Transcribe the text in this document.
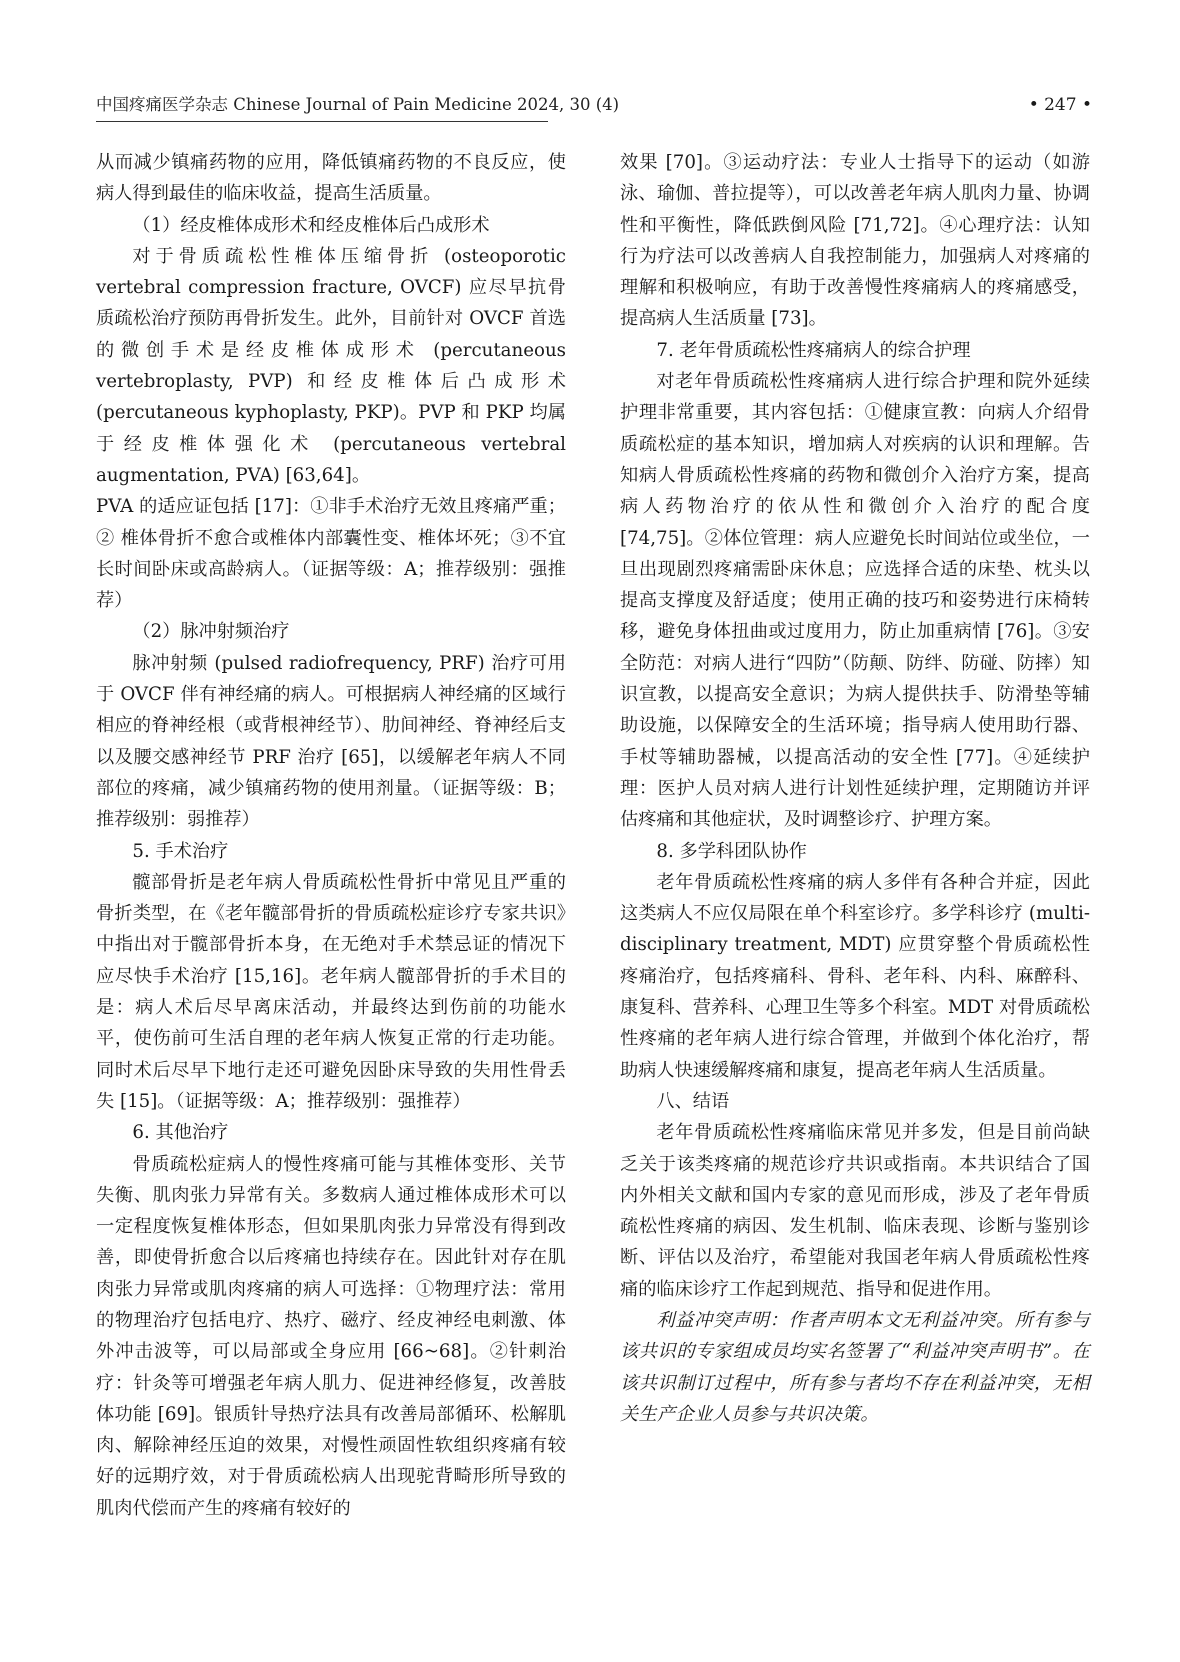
中国疼痛医学杂志 Chinese Journal of Pain Medicine 2024, 30 (4)	• 247 •

从而减少镇痛药物的应用，降低镇痛药物的不良反应，使病人得到最佳的临床收益，提高生活质量。

（1）经皮椎体成形术和经皮椎体后凸成形术

对于骨质疏松性椎体压缩骨折 (osteoporotic vertebral compression fracture, OVCF) 应尽早抗骨质疏松治疗预防再骨折发生。此外，目前针对 OVCF 首选的微创手术是经皮椎体成形术 (percutaneous vertebroplasty, PVP) 和经皮椎体后凸成形术 (percutaneous kyphoplasty, PKP)。PVP 和 PKP 均属于经皮椎体强化术 (percutaneous vertebral augmentation, PVA) [63,64]。

PVA 的适应证包括 [17]：①非手术治疗无效且疼痛严重；② 椎体骨折不愈合或椎体内部囊性变、椎体坏死；③不宜长时间卧床或高龄病人。（证据等级：A；推荐级别：强推荐）

（2）脉冲射频治疗

脉冲射频 (pulsed radiofrequency, PRF) 治疗可用于 OVCF 伴有神经痛的病人。可根据病人神经痛的区域行相应的脊神经根（或背根神经节）、肋间神经、脊神经后支以及腰交感神经节 PRF 治疗 [65]，以缓解老年病人不同部位的疼痛，减少镇痛药物的使用剂量。（证据等级：B；推荐级别：弱推荐）

5. 手术治疗

髋部骨折是老年病人骨质疏松性骨折中常见且严重的骨折类型，在《老年髋部骨折的骨质疏松症诊疗专家共识》中指出对于髋部骨折本身，在无绝对手术禁忌证的情况下应尽快手术治疗 [15,16]。老年病人髋部骨折的手术目的是：病人术后尽早离床活动，并最终达到伤前的功能水平，使伤前可生活自理的老年病人恢复正常的行走功能。同时术后尽早下地行走还可避免因卧床导致的失用性骨丢失 [15]。（证据等级：A；推荐级别：强推荐）

6. 其他治疗

骨质疏松症病人的慢性疼痛可能与其椎体变形、关节失衡、肌肉张力异常有关。多数病人通过椎体成形术可以一定程度恢复椎体形态，但如果肌肉张力异常没有得到改善，即使骨折愈合以后疼痛也持续存在。因此针对存在肌肉张力异常或肌肉疼痛的病人可选择：①物理疗法：常用的物理治疗包括电疗、热疗、磁疗、经皮神经电刺激、体外冲击波等，可以局部或全身应用 [66~68]。②针刺治疗：针灸等可增强老年病人肌力、促进神经修复，改善肢体功能 [69]。银质针导热疗法具有改善局部循环、松解肌肉、解除神经压迫的效果，对慢性顽固性软组织疼痛有较好的远期疗效，对于骨质疏松病人出现驼背畸形所导致的肌肉代偿而产生的疼痛有较好的

效果 [70]。③运动疗法：专业人士指导下的运动（如游泳、瑜伽、普拉提等），可以改善老年病人肌肉力量、协调性和平衡性，降低跌倒风险 [71,72]。④心理疗法：认知行为疗法可以改善病人自我控制能力，加强病人对疼痛的理解和积极响应，有助于改善慢性疼痛病人的疼痛感受，提高病人生活质量 [73]。

7. 老年骨质疏松性疼痛病人的综合护理

对老年骨质疏松性疼痛病人进行综合护理和院外延续护理非常重要，其内容包括：①健康宣教：向病人介绍骨质疏松症的基本知识，增加病人对疾病的认识和理解。告知病人骨质疏松性疼痛的药物和微创介入治疗方案，提高病人药物治疗的依从性和微创介入治疗的配合度 [74,75]。②体位管理：病人应避免长时间站位或坐位，一旦出现剧烈疼痛需卧床休息；应选择合适的床垫、枕头以提高支撑度及舒适度；使用正确的技巧和姿势进行床椅转移，避免身体扭曲或过度用力，防止加重病情 [76]。③安全防范：对病人进行“四防”（防颠、防绊、防碰、防摔）知识宣教，以提高安全意识；为病人提供扶手、防滑垫等辅助设施，以保障安全的生活环境；指导病人使用助行器、手杖等辅助器械，以提高活动的安全性 [77]。④延续护理：医护人员对病人进行计划性延续护理，定期随访并评估疼痛和其他症状，及时调整诊疗、护理方案。

8. 多学科团队协作

老年骨质疏松性疼痛的病人多伴有各种合并症，因此这类病人不应仅局限在单个科室诊疗。多学科诊疗 (multi-disciplinary treatment, MDT) 应贯穿整个骨质疏松性疼痛治疗，包括疼痛科、骨科、老年科、内科、麻醉科、康复科、营养科、心理卫生等多个科室。MDT 对骨质疏松性疼痛的老年病人进行综合管理，并做到个体化治疗，帮助病人快速缓解疼痛和康复，提高老年病人生活质量。

八、结语

老年骨质疏松性疼痛临床常见并多发，但是目前尚缺乏关于该类疼痛的规范诊疗共识或指南。本共识结合了国内外相关文献和国内专家的意见而形成，涉及了老年骨质疏松性疼痛的病因、发生机制、临床表现、诊断与鉴别诊断、评估以及治疗，希望能对我国老年病人骨质疏松性疼痛的临床诊疗工作起到规范、指导和促进作用。

利益冲突声明：作者声明本文无利益冲突。所有参与该共识的专家组成员均实名签署了“利益冲突声明书”。在该共识制订过程中，所有参与者均不存在利益冲突，无相关生产企业人员参与共识决策。
